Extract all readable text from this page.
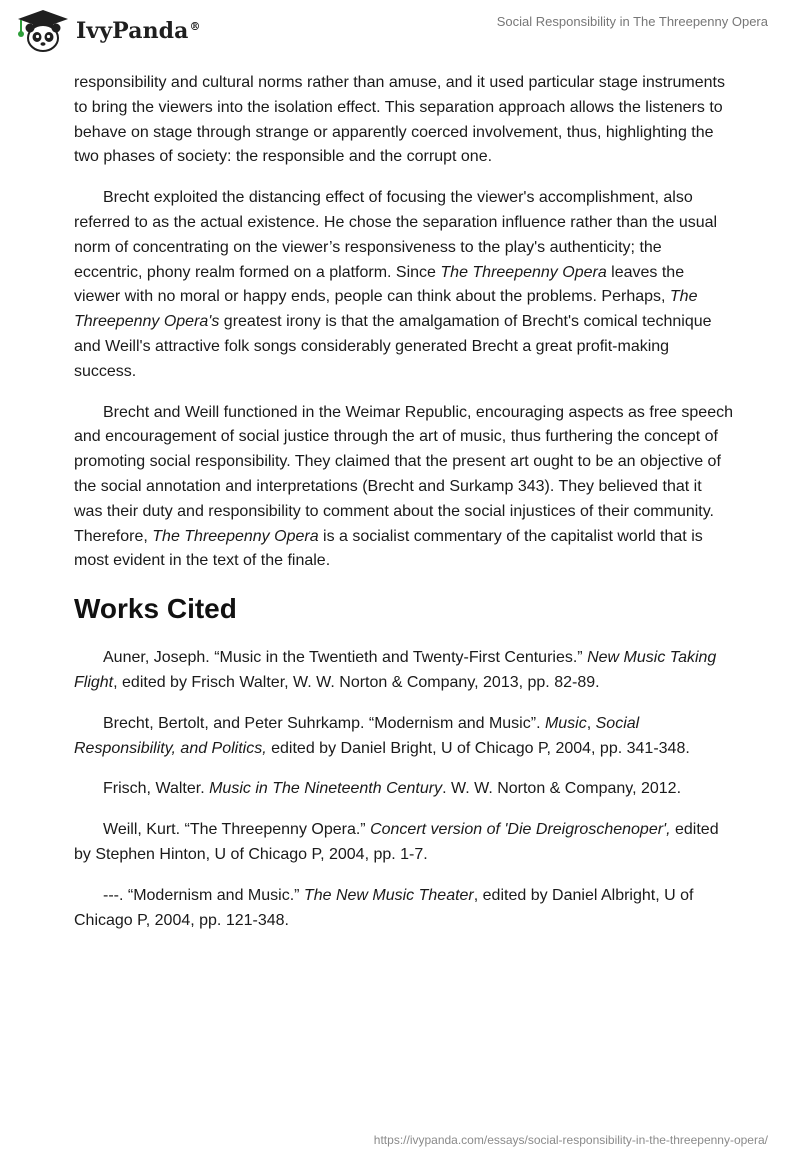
IvyPanda®	Social Responsibility in The Threepenny Opera

responsibility and cultural norms rather than amuse, and it used particular stage instruments to bring the viewers into the isolation effect. This separation approach allows the listeners to behave on stage through strange or apparently coerced involvement, thus, highlighting the two phases of society: the responsible and the corrupt one.

Brecht exploited the distancing effect of focusing the viewer's accomplishment, also referred to as the actual existence. He chose the separation influence rather than the usual norm of concentrating on the viewer’s responsiveness to the play's authenticity; the eccentric, phony realm formed on a platform. Since The Threepenny Opera leaves the viewer with no moral or happy ends, people can think about the problems. Perhaps, The Threepenny Opera's greatest irony is that the amalgamation of Brecht's comical technique and Weill's attractive folk songs considerably generated Brecht a great profit-making success.

Brecht and Weill functioned in the Weimar Republic, encouraging aspects as free speech and encouragement of social justice through the art of music, thus furthering the concept of promoting social responsibility. They claimed that the present art ought to be an objective of the social annotation and interpretations (Brecht and Surkamp 343). They believed that it was their duty and responsibility to comment about the social injustices of their community. Therefore, The Threepenny Opera is a socialist commentary of the capitalist world that is most evident in the text of the finale.

Works Cited

Auner, Joseph. “Music in the Twentieth and Twenty-First Centuries.” New Music Taking Flight, edited by Frisch Walter, W. W. Norton & Company, 2013, pp. 82-89.

Brecht, Bertolt, and Peter Suhrkamp. “Modernism and Music”. Music, Social Responsibility, and Politics, edited by Daniel Bright, U of Chicago P, 2004, pp. 341-348.

Frisch, Walter. Music in The Nineteenth Century. W. W. Norton & Company, 2012.

Weill, Kurt. “The Threepenny Opera.” Concert version of 'Die Dreigroschenoper', edited by Stephen Hinton, U of Chicago P, 2004, pp. 1-7.

---. “Modernism and Music.” The New Music Theater, edited by Daniel Albright, U of Chicago P, 2004, pp. 121-348.

https://ivypanda.com/essays/social-responsibility-in-the-threepenny-opera/
